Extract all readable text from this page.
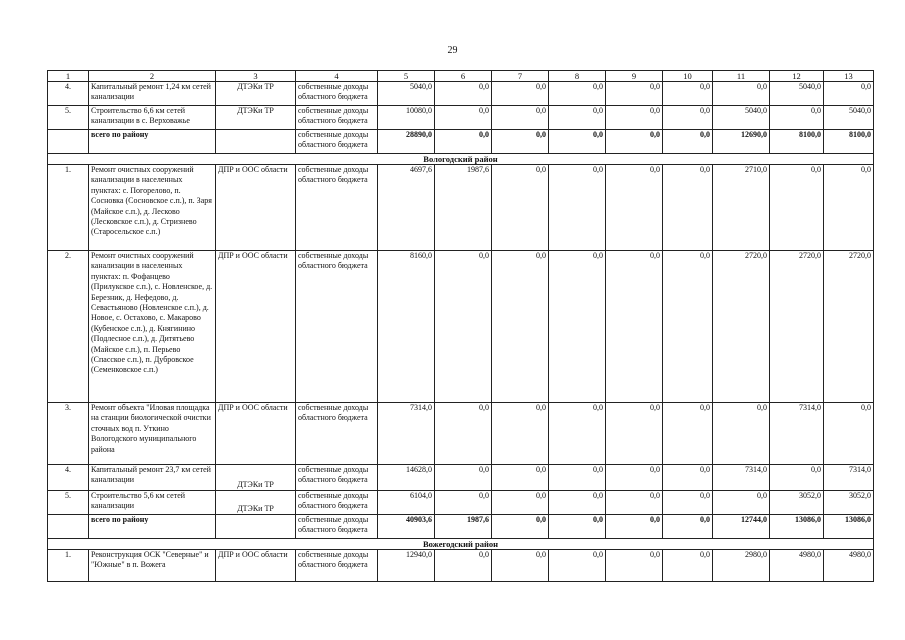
29
1	2	3	4	5	6	7	8	9	10	11	12	13
4.	Капитальный ремонт 1,24 км сетей канализации	ДТЭКи ТР	собственные доходы областного бюджета	5040,0	0,0	0,0	0,0	0,0	0,0	0,0	5040,0	0,0
5.	Строительство 6,6 км сетей канализации в с. Верховажье	ДТЭКи ТР	собственные доходы областного бюджета	10080,0	0,0	0,0	0,0	0,0	0,0	5040,0	0,0	5040,0
	всего по району		собственные доходы областного бюджета	28890,0	0,0	0,0	0,0	0,0	0,0	12690,0	8100,0	8100,0
Вологодский район												
1.	Ремонт очистных сооружений канализации в населенных пунктах: с. Погорелово, п. Сосновка (Сосновское с.п.), п. Заря (Майское с.п.), д. Лесково (Лесковское с.п.), д. Стризнево (Старосельское с.п.)	ДПР и ООС области	собственные доходы областного бюджета	4697,6	1987,6	0,0	0,0	0,0	0,0	2710,0	0,0	0,0
2.	Ремонт очистных сооружений канализации в населенных пунктах: п. Фофанцево (Прилукское с.п.), с. Новленское, д. Березник, д. Нефедово, д. Севастьяново (Новленское с.п.), д. Новое, с. Остахово, с. Макарово (Кубенское с.п.), д. Княгинино (Подлесное с.п.), д. Дитятьево (Майское с.п.), п. Перьево (Спасское с.п.), п. Дубровское (Семенковское с.п.)	ДПР и ООС области	собственные доходы областного бюджета	8160,0	0,0	0,0	0,0	0,0	0,0	2720,0	2720,0	2720,0
3.	Ремонт объекта "Иловая площадка на станции биологической очистки сточных вод п. Уткино Вологодского муниципального района	ДПР и ООС области	собственные доходы областного бюджета	7314,0	0,0	0,0	0,0	0,0	0,0	0,0	7314,0	0,0
4.	Капитальный ремонт 23,7 км сетей канализации	ДТЭКи ТР	собственные доходы областного бюджета	14628,0	0,0	0,0	0,0	0,0	0,0	7314,0	0,0	7314,0
5.	Строительство 5,6 км сетей канализации	ДТЭКи ТР	собственные доходы областного бюджета	6104,0	0,0	0,0	0,0	0,0	0,0	0,0	3052,0	3052,0
	всего по району		собственные доходы областного бюджета	40903,6	1987,6	0,0	0,0	0,0	0,0	12744,0	13086,0	13086,0
Вожегодский район												
1.	Реконструкция ОСК "Северные" и "Южные" в п. Вожега	ДПР и ООС области	собственные доходы областного бюджета	12940,0	0,0	0,0	0,0	0,0	0,0	2980,0	4980,0	4980,0
